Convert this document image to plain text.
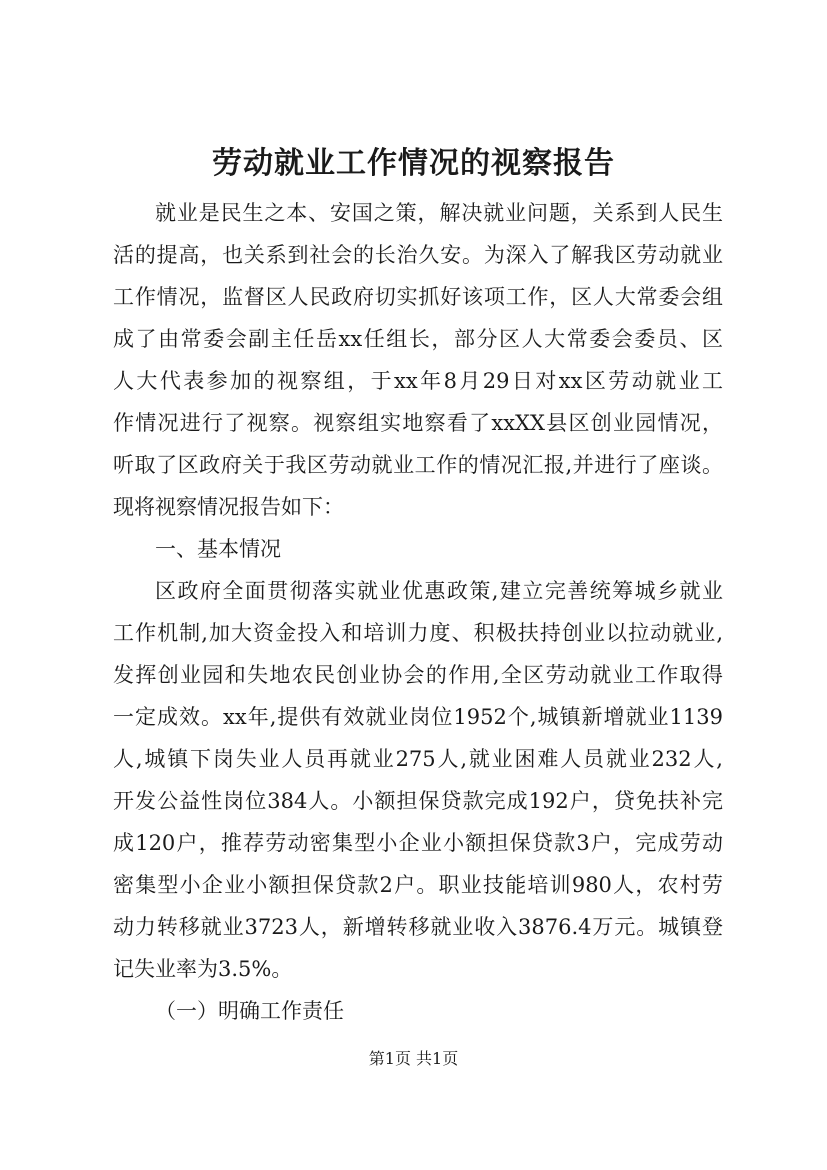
劳动就业工作情况的视察报告
就业是民生之本、安国之策，解决就业问题，关系到人民生
活的提高，也关系到社会的长治久安。为深入了解我区劳动就业
工作情况，监督区人民政府切实抓好该项工作，区人大常委会组
成了由常委会副主任岳xx任组长，部分区人大常委会委员、区
人大代表参加的视察组，于xx年8月29日对xx区劳动就业工
作情况进行了视察。视察组实地察看了xxXX县区创业园情况，
听取了区政府关于我区劳动就业工作的情况汇报,并进行了座谈。
现将视察情况报告如下：
一、基本情况
区政府全面贯彻落实就业优惠政策,建立完善统筹城乡就业
工作机制,加大资金投入和培训力度、积极扶持创业以拉动就业,
发挥创业园和失地农民创业协会的作用,全区劳动就业工作取得
一定成效。xx年,提供有效就业岗位1952个,城镇新增就业1139
人,城镇下岗失业人员再就业275人,就业困难人员就业232人,
开发公益性岗位384人。小额担保贷款完成192户，贷免扶补完
成120户，推荐劳动密集型小企业小额担保贷款3户，完成劳动
密集型小企业小额担保贷款2户。职业技能培训980人，农村劳
动力转移就业3723人，新增转移就业收入3876.4万元。城镇登
记失业率为3.5%。
（一）明确工作责任
第1页 共1页
